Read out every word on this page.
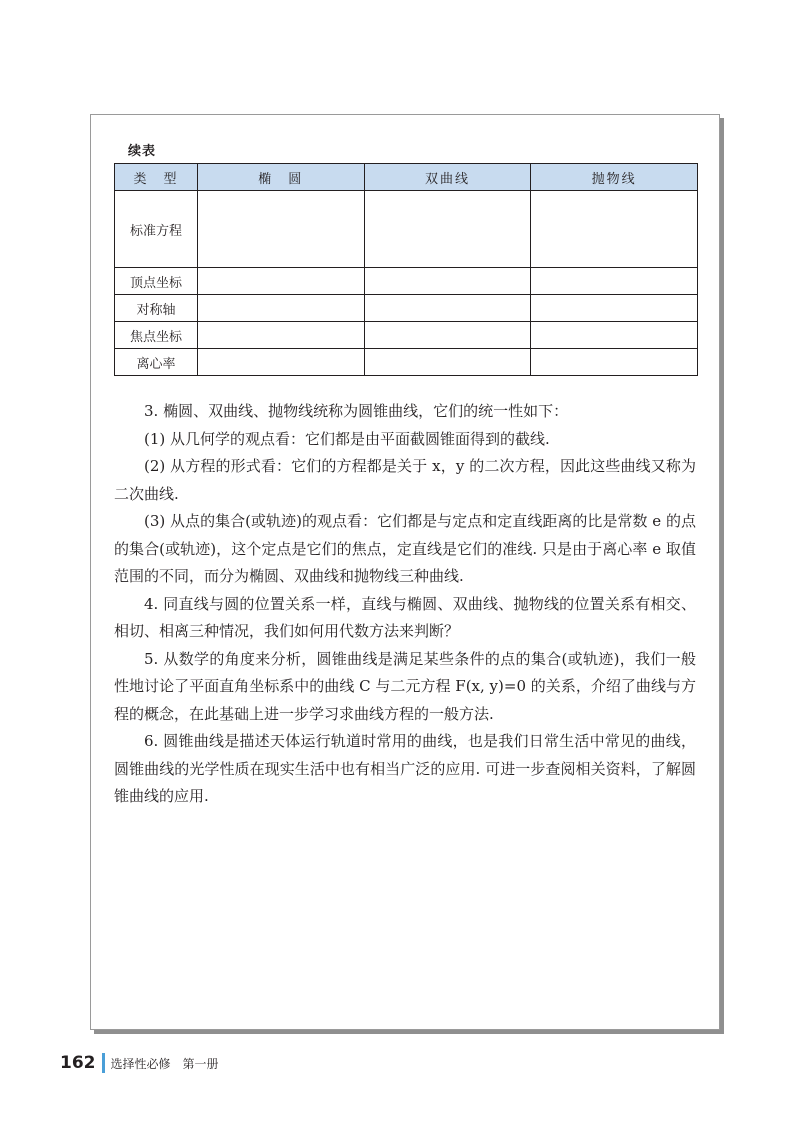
续表
类　型	椭　圆	双曲线	抛物线
标准方程			
顶点坐标			
对称轴			
焦点坐标			
离心率			

3. 椭圆、双曲线、抛物线统称为圆锥曲线，它们的统一性如下：

(1) 从几何学的观点看：它们都是由平面截圆锥面得到的截线.

(2) 从方程的形式看：它们的方程都是关于 x，y 的二次方程，因此这些曲线又称为二次曲线.

(3) 从点的集合(或轨迹)的观点看：它们都是与定点和定直线距离的比是常数 e 的点的集合(或轨迹)，这个定点是它们的焦点，定直线是它们的准线. 只是由于离心率 e 取值范围的不同，而分为椭圆、双曲线和抛物线三种曲线.

4. 同直线与圆的位置关系一样，直线与椭圆、双曲线、抛物线的位置关系有相交、相切、相离三种情况，我们如何用代数方法来判断？

5. 从数学的角度来分析，圆锥曲线是满足某些条件的点的集合(或轨迹)，我们一般性地讨论了平面直角坐标系中的曲线 C 与二元方程 F(x, y)=0 的关系，介绍了曲线与方程的概念，在此基础上进一步学习求曲线方程的一般方法.

6. 圆锥曲线是描述天体运行轨道时常用的曲线，也是我们日常生活中常见的曲线，圆锥曲线的光学性质在现实生活中也有相当广泛的应用. 可进一步查阅相关资料，了解圆锥曲线的应用.

162 选择性必修　第一册
